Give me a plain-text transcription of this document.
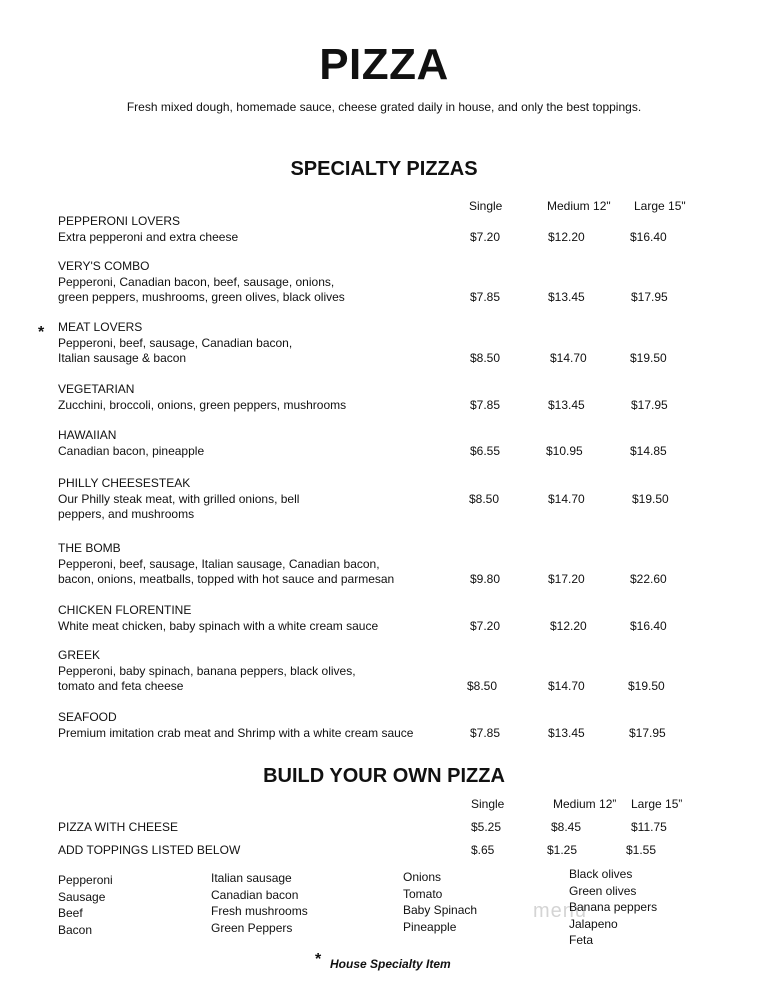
PIZZA
Fresh mixed dough, homemade sauce, cheese grated daily in house, and only the best toppings.
SPECIALTY PIZZAS
Single	Medium 12" Large 15"
PEPPERONI LOVERS
Extra pepperoni and extra cheese	$7.20	$12.20	$16.40
VERY'S COMBO
Pepperoni, Canadian bacon, beef, sausage, onions,
green peppers, mushrooms, green olives, black olives	$7.85	$13.45	$17.95
MEAT LOVERS
Pepperoni, beef, sausage, Canadian bacon,
Italian sausage & bacon	$8.50	$14.70	$19.50
*
VEGETARIAN
Zucchini, broccoli, onions, green peppers, mushrooms	$7.85	$13.45	$17.95
HAWAIIAN
Canadian bacon, pineapple	$6.55	$10.95	$14.85
PHILLY CHEESESTEAK
Our Philly steak meat, with grilled onions, bell
peppers, and mushrooms
$8.50	$14.70	$19.50
THE BOMB
Pepperoni, beef, sausage, Italian sausage, Canadian bacon,
bacon, onions, meatballs, topped with hot sauce and parmesan	$9.80	$17.20	$22.60
CHICKEN FLORENTINE
White meat chicken, baby spinach with a white cream sauce	$7.20	$12.20	$16.40
GREEK
Pepperoni, baby spinach, banana peppers, black olives,
tomato and feta cheese	$8.50	$14.70	$19.50
SEAFOOD
Premium imitation crab meat and Shrimp with a white cream sauce	$7.85	$13.45	$17.95
BUILD YOUR OWN PIZZA
Single	Medium 12” Large 15”
PIZZA WITH CHEESE	$5.25	$8.45	$11.75
ADD TOPPINGS LISTED BELOW	$.65	$1.25	$1.55
menu
Pepperoni
Sausage
Beef
Bacon
Italian sausage
Canadian bacon
Fresh mushrooms
Green Peppers
Onions
Tomato
Baby Spinach
Pineapple
Black olives
Green olives
Banana peppers
Jalapeno
Feta
* House Specialty Item
